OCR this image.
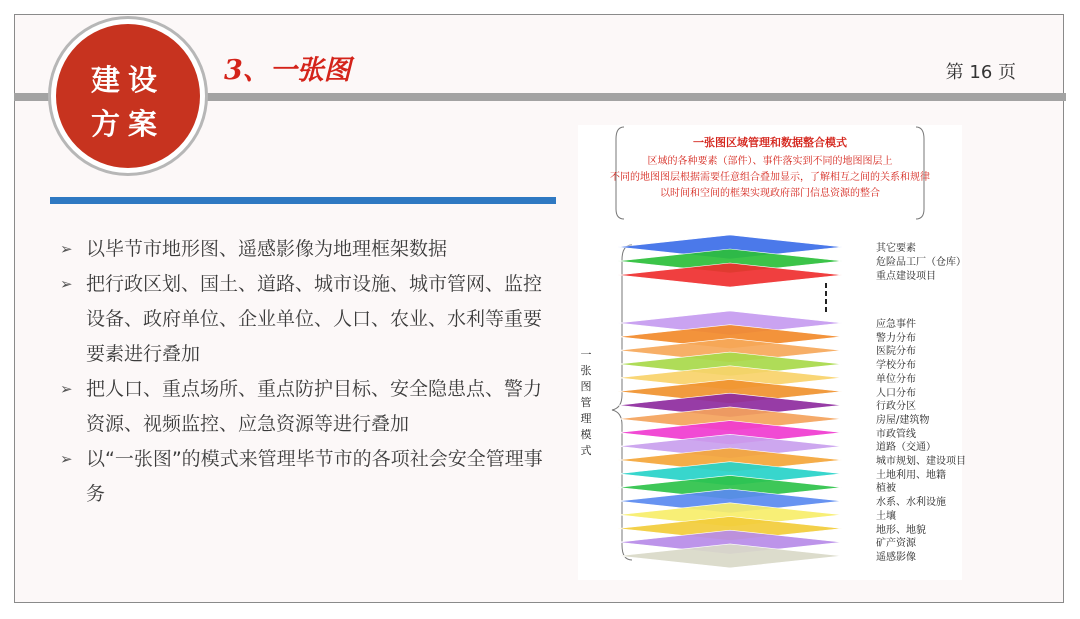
建设
方案
3、一张图	第 16 页
➢ 以毕节市地形图、遥感影像为地理框架数据
➢ 把行政区划、国土、道路、城市设施、城市管网、监控设备、政府单位、企业单位、人口、农业、水利等重要要素进行叠加
➢ 把人口、重点场所、重点防护目标、安全隐患点、警力资源、视频监控、应急资源等进行叠加
➢ 以“一张图”的模式来管理毕节市的各项社会安全管理事务
一张图区域管理和数据整合模式
区域的各种要素（部件）、事件落实到不同的地图图层上
不同的地图图层根据需要任意组合叠加显示，了解相互之间的关系和规律
以时间和空间的框架实现政府部门信息资源的整合
一张图管理模式
其它要素
危险品工厂（仓库）
重点建设项目
应急事件
警力分布
医院分布
学校分布
单位分布
人口分布
行政分区
房屋/建筑物
市政管线
道路（交通）
城市规划、建设项目
土地利用、地籍
植被
水系、水利设施
土壤
地形、地貌
矿产资源
遥感影像
